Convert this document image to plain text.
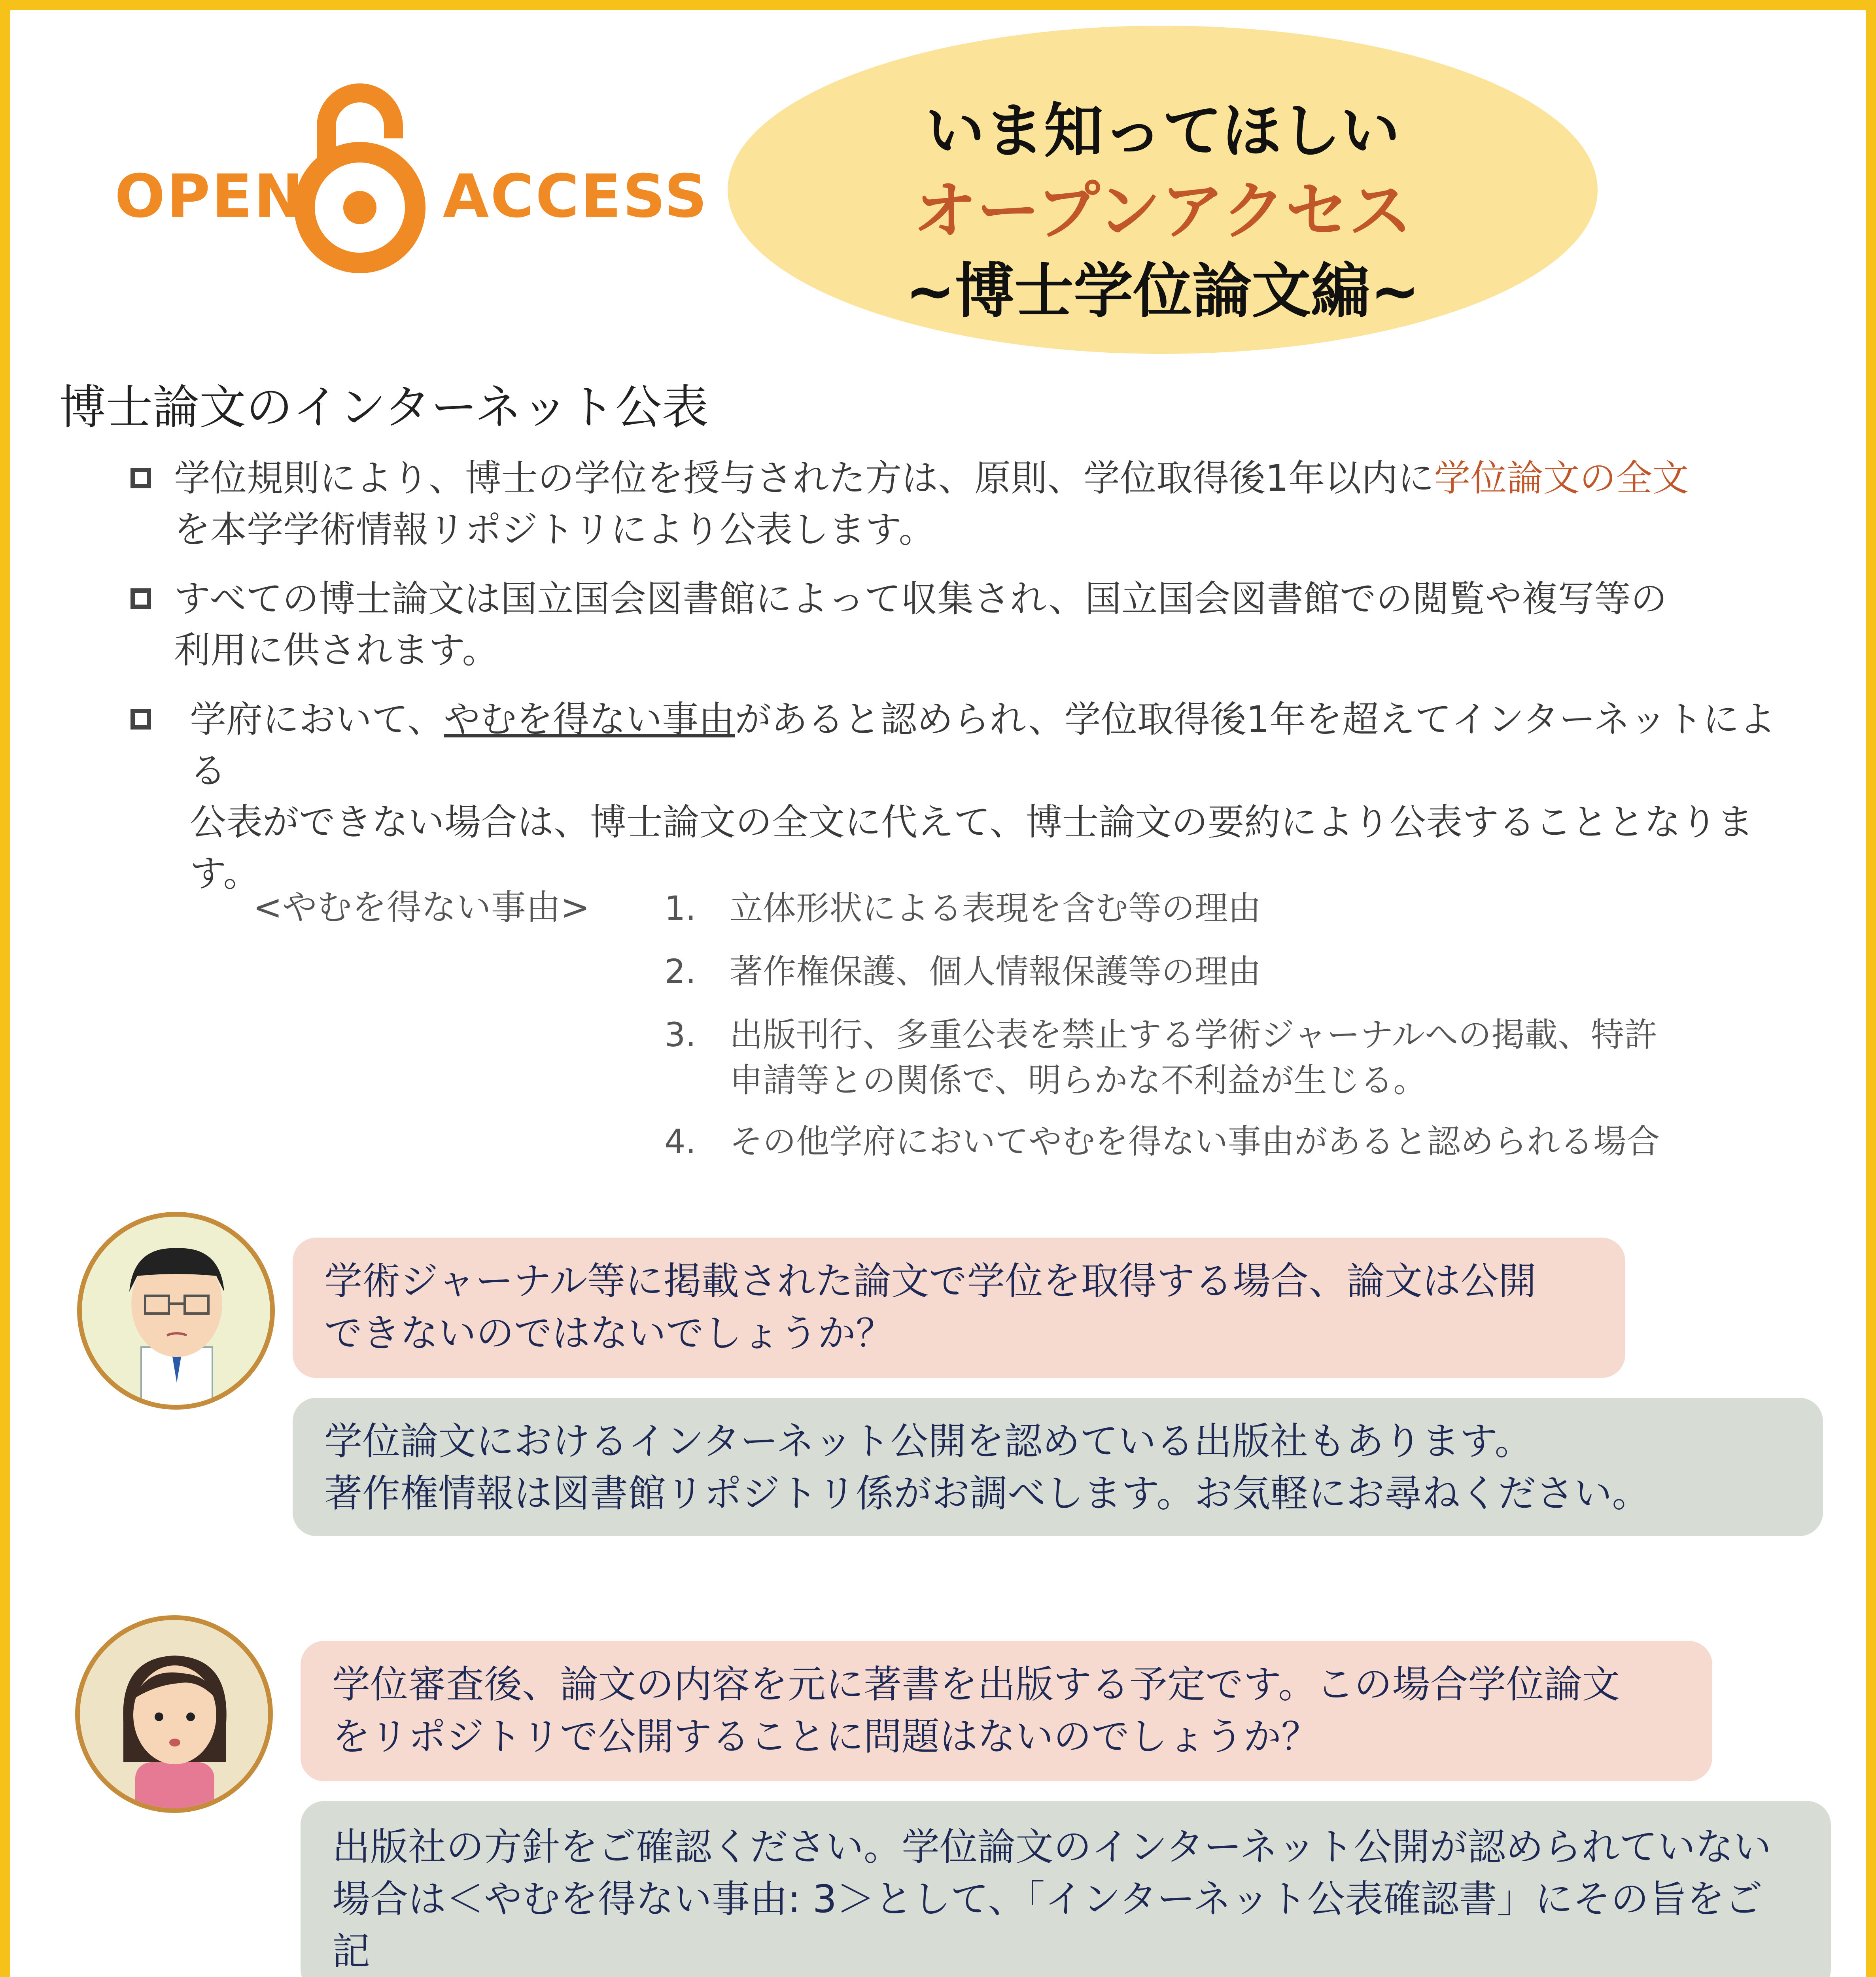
OPEN ACCESS
いま知ってほしい
オープンアクセス
~博士学位論文編~
博士論文のインターネット公表
学位規則により、博士の学位を授与された方は、原則、学位取得後1年以内に学位論文の全文
を本学学術情報リポジトリにより公表します。
すべての博士論文は国立国会図書館によって収集され、国立国会図書館での閲覧や複写等の
利用に供されます。
学府において、やむを得ない事由があると認められ、学位取得後1年を超えてインターネットによる
公表ができない場合は、博士論文の全文に代えて、博士論文の要約により公表することとなります。
<やむを得ない事由> 1. 立体形状による表現を含む等の理由
2. 著作権保護、個人情報保護等の理由
3. 出版刊行、多重公表を禁止する学術ジャーナルへの掲載、特許
申請等との関係で、明らかな不利益が生じる。
4. その他学府においてやむを得ない事由があると認められる場合
学術ジャーナル等に掲載された論文で学位を取得する場合、論文は公開
できないのではないでしょうか？
学位論文におけるインターネット公開を認めている出版社もあります。
著作権情報は図書館リポジトリ係がお調べします。お気軽にお尋ねください。
学位審査後、論文の内容を元に著書を出版する予定です。この場合学位論文
をリポジトリで公開することに問題はないのでしょうか？
出版社の方針をご確認ください。学位論文のインターネット公開が認められていない
場合は＜やむを得ない事由: 3＞として、「インターネット公表確認書」にその旨をご記
